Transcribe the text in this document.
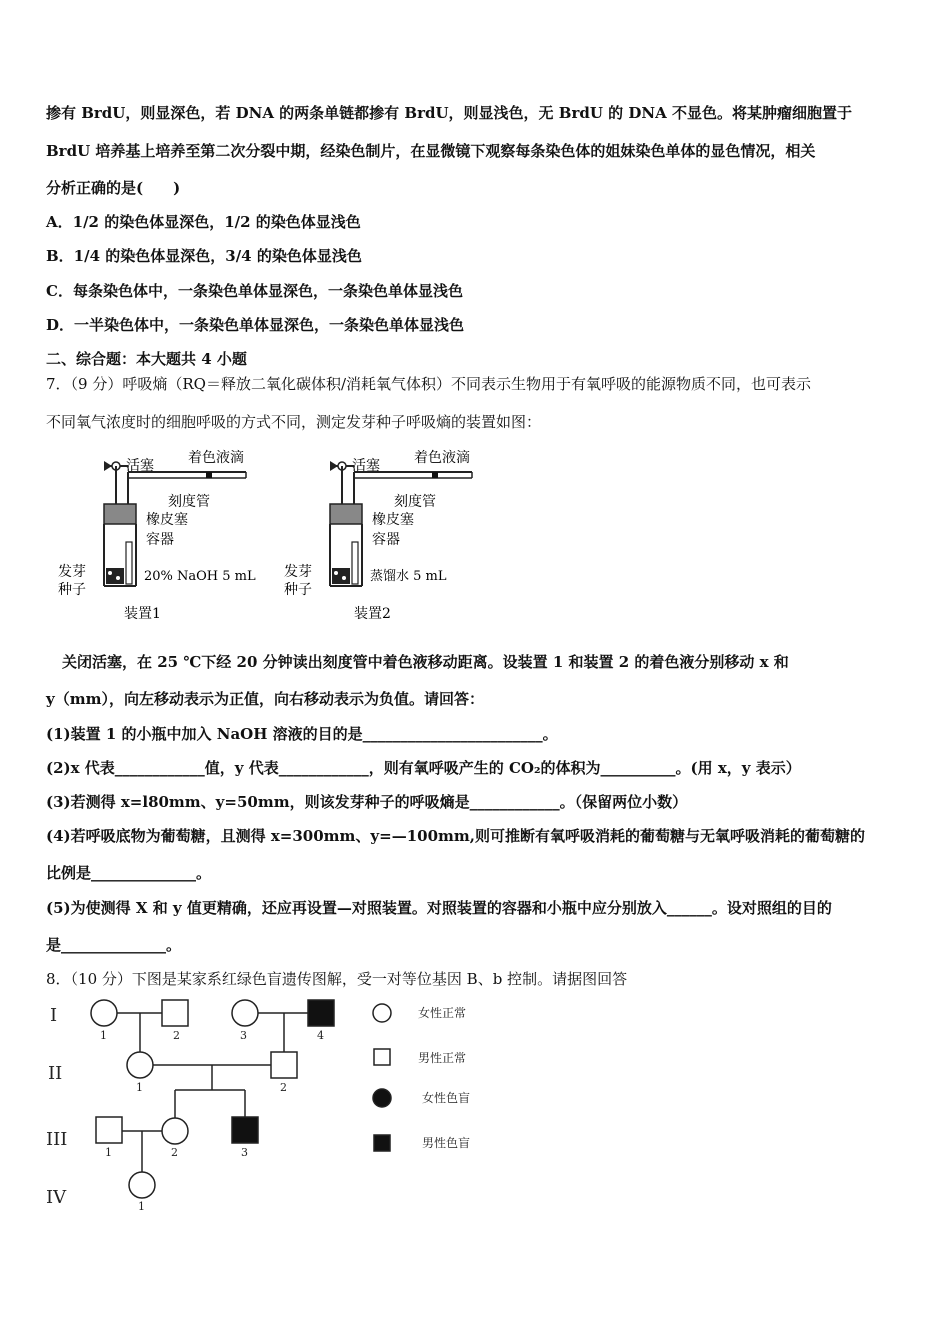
掺有 BrdU，则显深色，若 DNA 的两条单链都掺有 BrdU，则显浅色，无 BrdU 的 DNA 不显色。将某肿瘤细胞置于
BrdU 培养基上培养至第二次分裂中期，经染色制片，在显微镜下观察每条染色体的姐妹染色单体的显色情况，相关
分析正确的是(　　)
A．1/2 的染色体显深色，1/2 的染色体显浅色
B．1/4 的染色体显深色，3/4 的染色体显浅色
C．每条染色体中，一条染色单体显深色，一条染色单体显浅色
D．一半染色体中，一条染色单体显深色，一条染色单体显浅色
二、综合题：本大题共 4 小题
7．（9 分）呼吸熵（RQ＝释放二氧化碳体积/消耗氧气体积）不同表示生物用于有氧呼吸的能源物质不同，也可表示
不同氧气浓度时的细胞呼吸的方式不同，测定发芽种子呼吸熵的装置如图：
活塞 着色液滴
刻度管
橡皮塞
容器
发芽
种子
20% NaOH 5 mL
装置1
活塞 着色液滴
刻度管
橡皮塞
容器
发芽
种子
蒸馏水 5 mL
装置2
关闭活塞，在 25 ℃下经 20 分钟读出刻度管中着色液移动距离。设装置 1 和装置 2 的着色液分别移动 x 和
y（mm），向左移动表示为正值，向右移动表示为负值。请回答：
(1)装置 1 的小瓶中加入 NaOH 溶液的目的是________________________。
(2)x 代表____________值，y 代表____________，则有氧呼吸产生的 CO₂的体积为__________。(用 x，y 表示）
(3)若测得 x=l80mm、y=50mm，则该发芽种子的呼吸熵是____________。（保留两位小数）
(4)若呼吸底物为葡萄糖，且测得 x=300mm、y=—100mm,则可推断有氧呼吸消耗的葡萄糖与无氧呼吸消耗的葡萄糖的
比例是______________。
(5)为使测得 X 和 y 值更精确，还应再设置—对照装置。对照装置的容器和小瓶中应分别放入______。设对照组的目的
是______________。
8．（10 分）下图是某家系红绿色盲遗传图解，受一对等位基因 B、b 控制。请据图回答
I
II
III
IV
1	2	3	4
1	2
1	2	3
1
女性正常
男性正常
女性色盲
男性色盲
